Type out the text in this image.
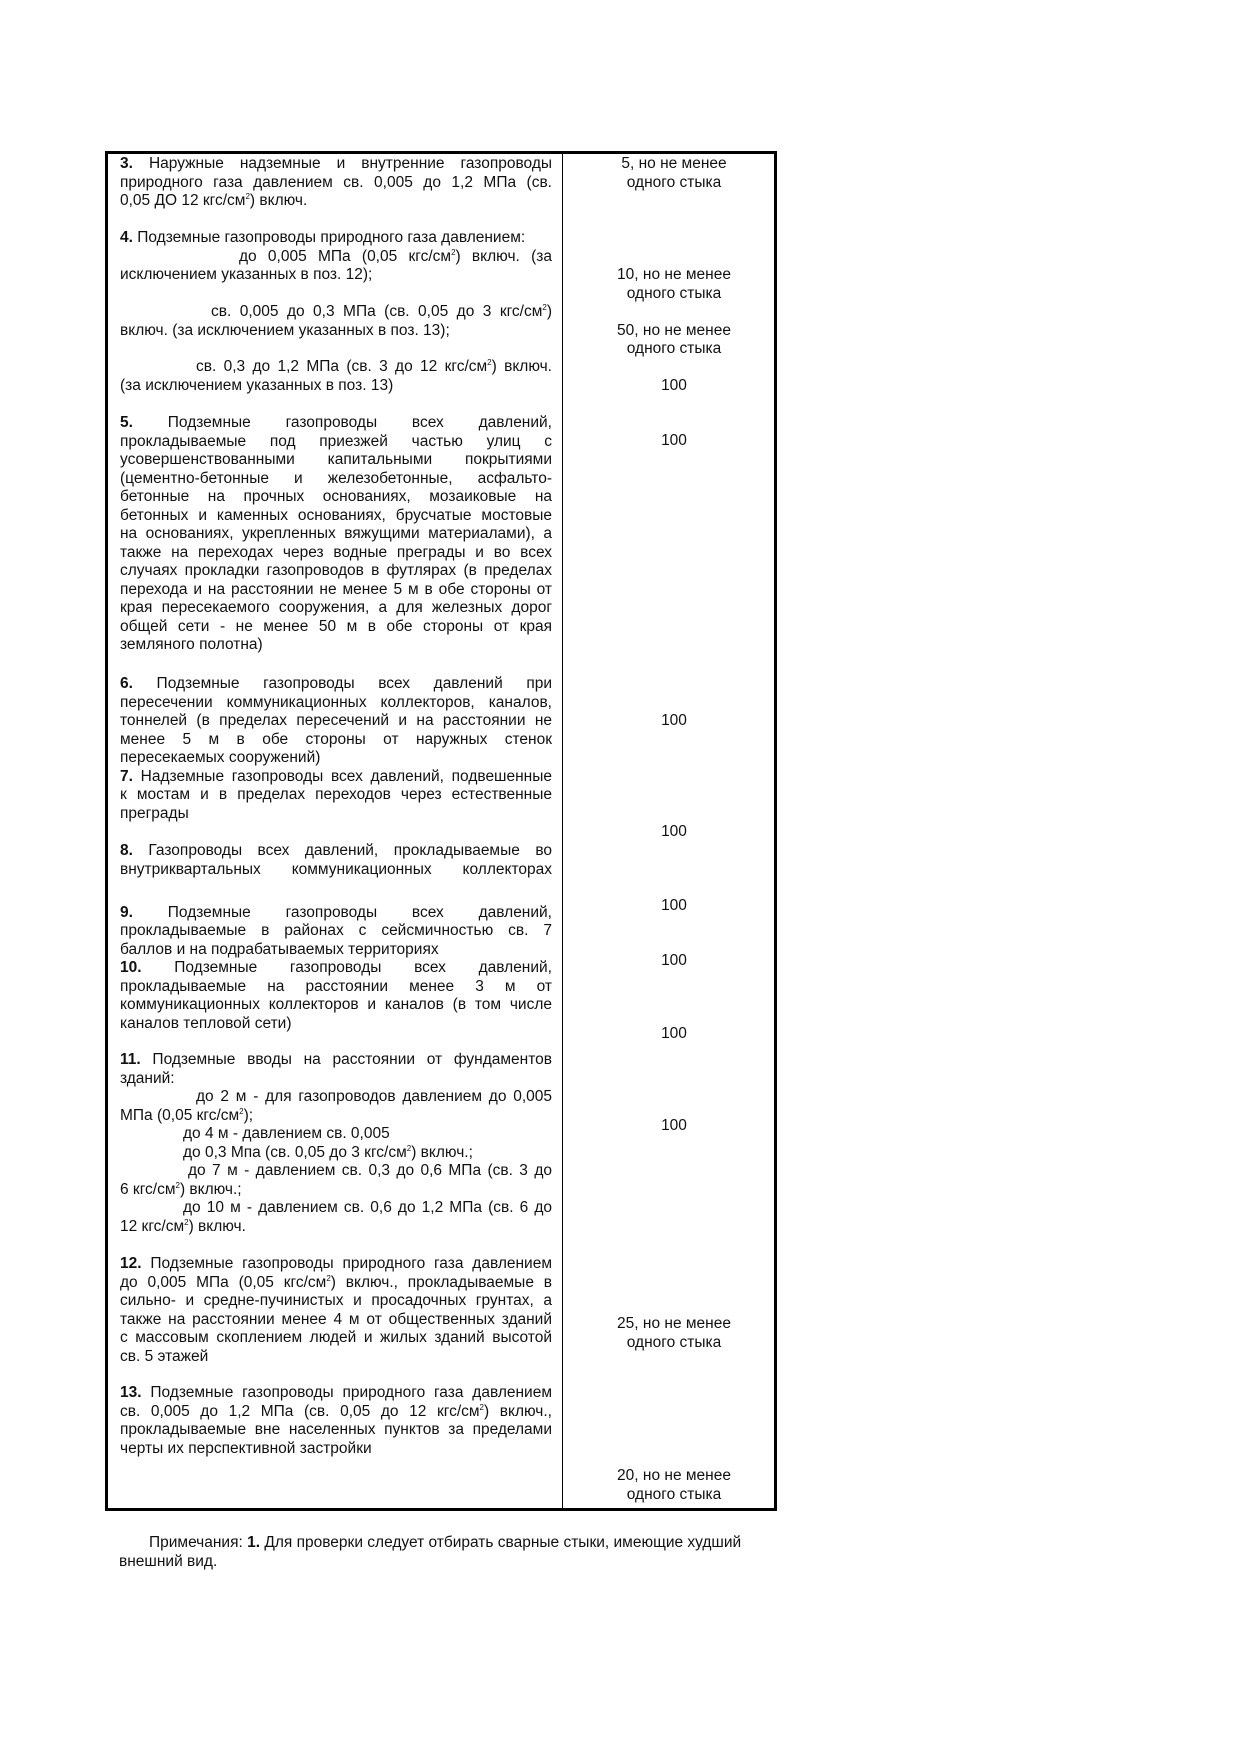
3. Наружные надземные и внутренние газопроводы
природного газа давлением св. 0,005 до 1,2 МПа (св.
0,05 ДО 12 кгс/$см^2$) включ.
5, но не менее
одного стыка
4. Подземные газопроводы природного газа давлением:
до 0,005 МПа (0,05 кгс/$см^2$) включ. (за
исключением указанных в поз. 12);
св. 0,005 до 0,3 МПа (св. 0,05 до 3 кгс/$см^2$)
включ. (за исключением указанных в поз. 13);
св. 0,3 до 1,2 МПа (св. 3 до 12 кгс/$см^2$) включ.
(за исключением указанных в поз. 13)
10, но не менее
одного стыка
50, но не менее
одного стыка
100
5. Подземные газопроводы всех давлений,
прокладываемые под приезжей частью улиц с
усовершенствованными капитальными покрытиями
(цементно-бетонные и железобетонные, асфальто-
бетонные на прочных основаниях, мозаиковые на
бетонных и каменных основаниях, брусчатые мостовые
на основаниях, укрепленных вяжущими материалами), а
также на переходах через водные преграды и во всех
случаях прокладки газопроводов в футлярах (в пределах
перехода и на расстоянии не менее 5 м в обе стороны от
края пересекаемого сооружения, а для железных дорог
общей сети - не менее 50 м в обе стороны от края
земляного полотна)
100
6. Подземные газопроводы всех давлений при
пересечении коммуникационных коллекторов, каналов,
тоннелей (в пределах пересечений и на расстоянии не
менее 5 м в обе стороны от наружных стенок
пересекаемых сооружений)
100
7. Надземные газопроводы всех давлений, подвешенные
к мостам и в пределах переходов через естественные
преграды
100
8. Газопроводы всех давлений, прокладываемые во
внутриквартальных коммуникационных коллекторах
100
9. Подземные газопроводы всех давлений,
прокладываемые в районах с сейсмичностью св. 7
баллов и на подрабатываемых территориях
100
10. Подземные газопроводы всех давлений,
прокладываемые на расстоянии менее 3 м от
коммуникационных коллекторов и каналов (в том числе
каналов тепловой сети)
100
11. Подземные вводы на расстоянии от фундаментов
зданий:
до 2 м - для газопроводов давлением до 0,005
МПа (0,05 кгс/$см^2$);
до 4 м - давлением св. 0,005
до 0,3 Мпа (св. 0,05 до 3 кгс/$см^2$) включ.;
до 7 м - давлением св. 0,3 до 0,6 МПа (св. 3 до
6 кгс/$см^2$) включ.;
до 10 м - давлением св. 0,6 до 1,2 МПа (св. 6 до
12 кгс/$см^2$) включ.
100
12. Подземные газопроводы природного газа давлением
до 0,005 МПа (0,05 кгс/$см^2$) включ., прокладываемые в
сильно- и средне-пучинистых и просадочных грунтах, а
также на расстоянии менее 4 м от общественных зданий
с массовым скоплением людей и жилых зданий высотой
св. 5 этажей
25, но не менее
одного стыка
13. Подземные газопроводы природного газа давлением
св. 0,005 до 1,2 МПа (св. 0,05 до 12 кгс/$см^2$) включ.,
прокладываемые вне населенных пунктов за пределами
черты их перспективной застройки
20, но не менее
одного стыка
Примечания: 1. Для проверки следует отбирать сварные стыки, имеющие худший
внешний вид.
